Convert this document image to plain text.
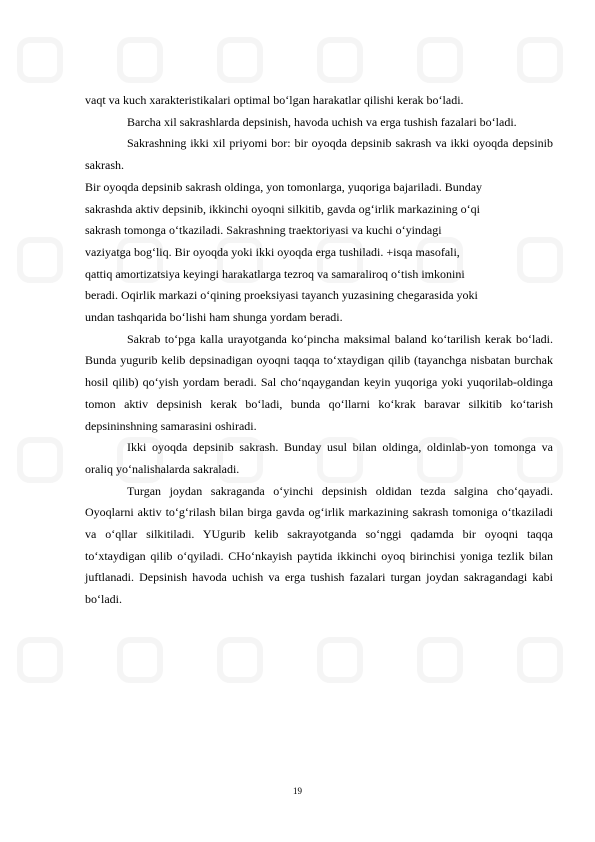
vaqt va kuch xarakteristikalari optimal bo‘lgan harakatlar qilishi kerak bo‘ladi.

Barcha xil sakrashlarda depsinish, havoda uchish va erga tushish fazalari bo‘ladi.

Sakrashning ikki xil priyomi bor: bir oyoqda depsinib sakrash va ikki oyoqda depsinib sakrash.

Bir oyoqda depsinib sakrash oldinga, yon tomonlarga, yuqoriga bajariladi. Bunday
sakrashda aktiv depsinib, ikkinchi oyoqni silkitib, gavda og‘irlik markazining o‘qi
sakrash tomonga o‘tkaziladi. Sakrashning traektoriyasi va kuchi o‘yindagi
vaziyatga bog‘liq. Bir oyoqda yoki ikki oyoqda erga tushiladi. +isqa masofali,
qattiq amortizatsiya keyingi harakatlarga tezroq va samaraliroq o‘tish imkonini
beradi. Oqirlik markazi o‘qining proeksiyasi tayanch yuzasining chegarasida yoki
undan tashqarida bo‘lishi ham shunga yordam beradi.

Sakrab to‘pga kalla urayotganda ko‘pincha maksimal baland ko‘tarilish kerak bo‘ladi. Bunda yugurib kelib depsinadigan oyoqni taqqa to‘xtaydigan qilib (tayanchga nisbatan burchak hosil qilib) qo‘yish yordam beradi. Sal cho‘nqaygandan keyin yuqoriga yoki yuqorilab-oldinga tomon aktiv depsinish kerak bo‘ladi, bunda qo‘llarni ko‘krak baravar silkitib ko‘tarish depsininshning samarasini oshiradi.

Ikki oyoqda depsinib sakrash. Bunday usul bilan oldinga, oldinlab-yon tomonga va oraliq yo‘nalishalarda sakraladi.

Turgan joydan sakraganda o‘yinchi depsinish oldidan tezda salgina cho‘qayadi. Oyoqlarni aktiv to‘g‘rilash bilan birga gavda og‘irlik markazining sakrash tomoniga o‘tkaziladi va o‘qllar silkitiladi. YUgurib kelib sakrayotganda so‘nggi qadamda bir oyoqni taqqa to‘xtaydigan qilib o‘qyiladi. CHo‘nkayish paytida ikkinchi oyoq birinchisi yoniga tezlik bilan juftlanadi. Depsinish havoda uchish va erga tushish fazalari turgan joydan sakragandagi kabi bo‘ladi.

19
